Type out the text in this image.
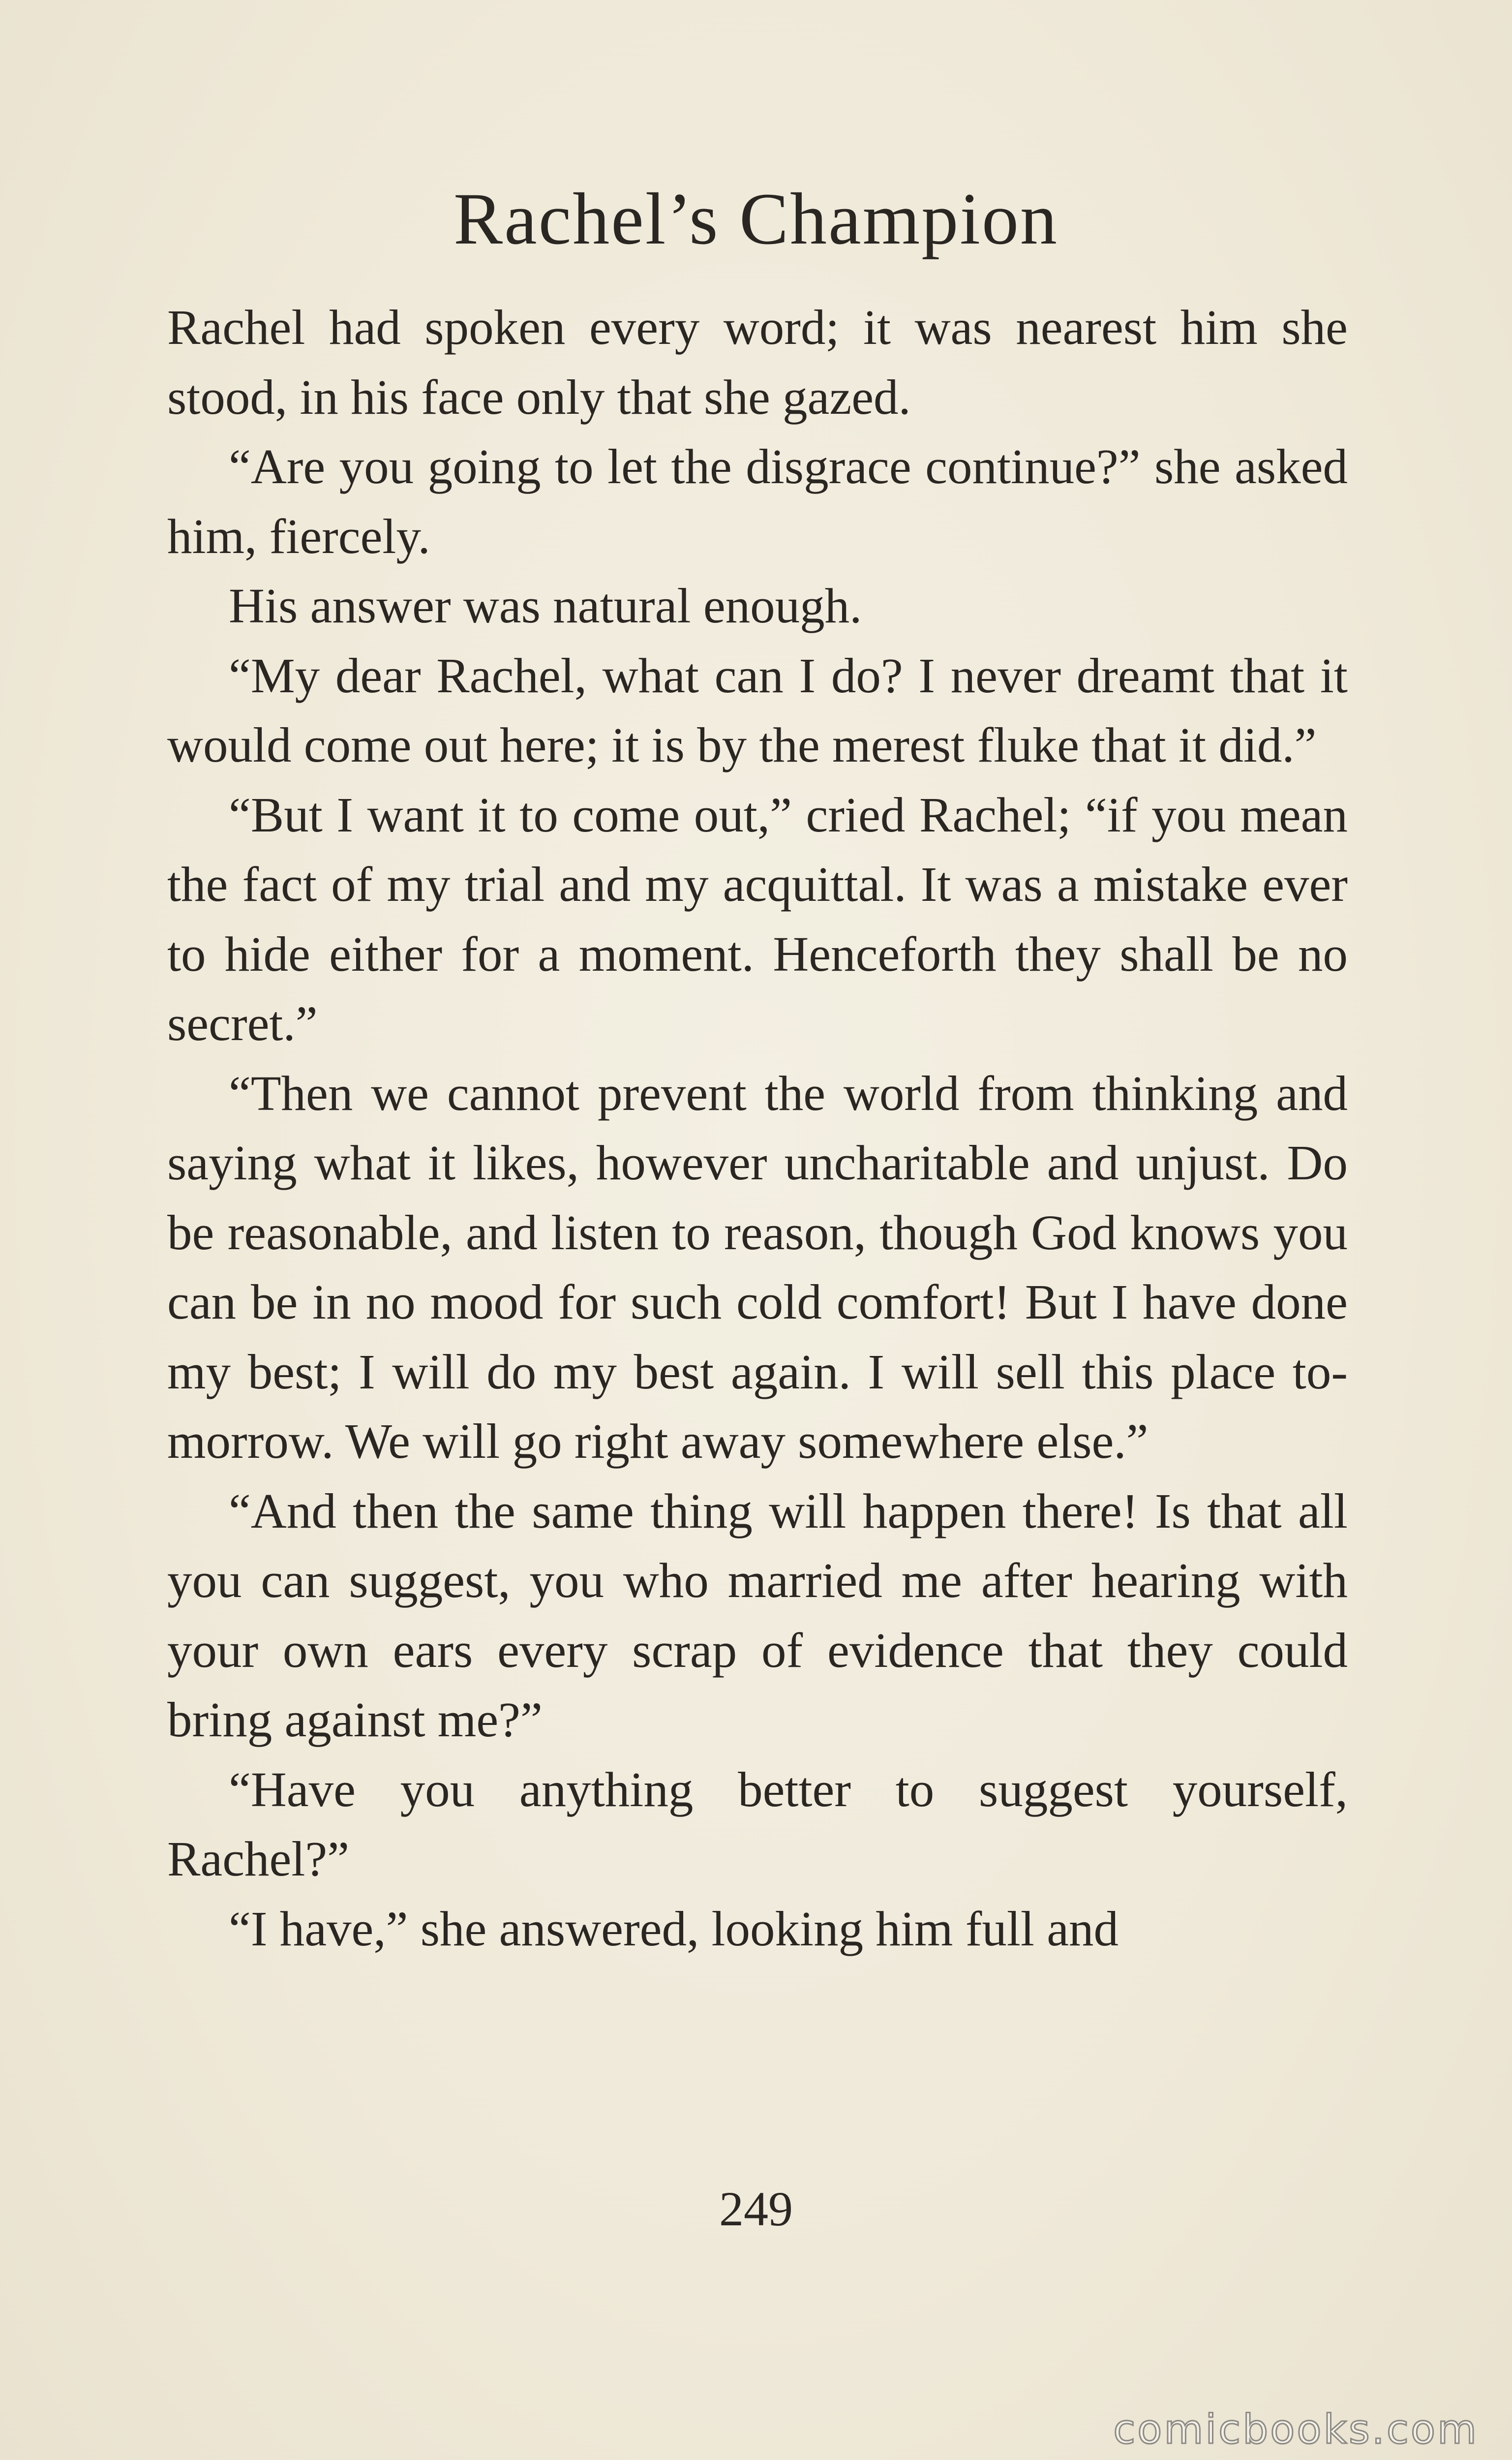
Rachel’s Champion

Rachel had spoken every word; it was nearest him she stood, in his face only that she gazed.

“Are you going to let the disgrace continue?” she asked him, fiercely.

His answer was natural enough.

“My dear Rachel, what can I do? I never dreamt that it would come out here; it is by the merest fluke that it did.”

“But I want it to come out,” cried Rachel; “if you mean the fact of my trial and my acquittal. It was a mistake ever to hide either for a moment. Henceforth they shall be no secret.”

“Then we cannot prevent the world from thinking and saying what it likes, however uncharitable and unjust. Do be reasonable, and listen to reason, though God knows you can be in no mood for such cold comfort! But I have done my best; I will do my best again. I will sell this place to-morrow. We will go right away somewhere else.”

“And then the same thing will happen there! Is that all you can suggest, you who married me after hearing with your own ears every scrap of evidence that they could bring against me?”

“Have you anything better to suggest yourself, Rachel?”

“I have,” she answered, looking him full and

249
comicbooks.com
